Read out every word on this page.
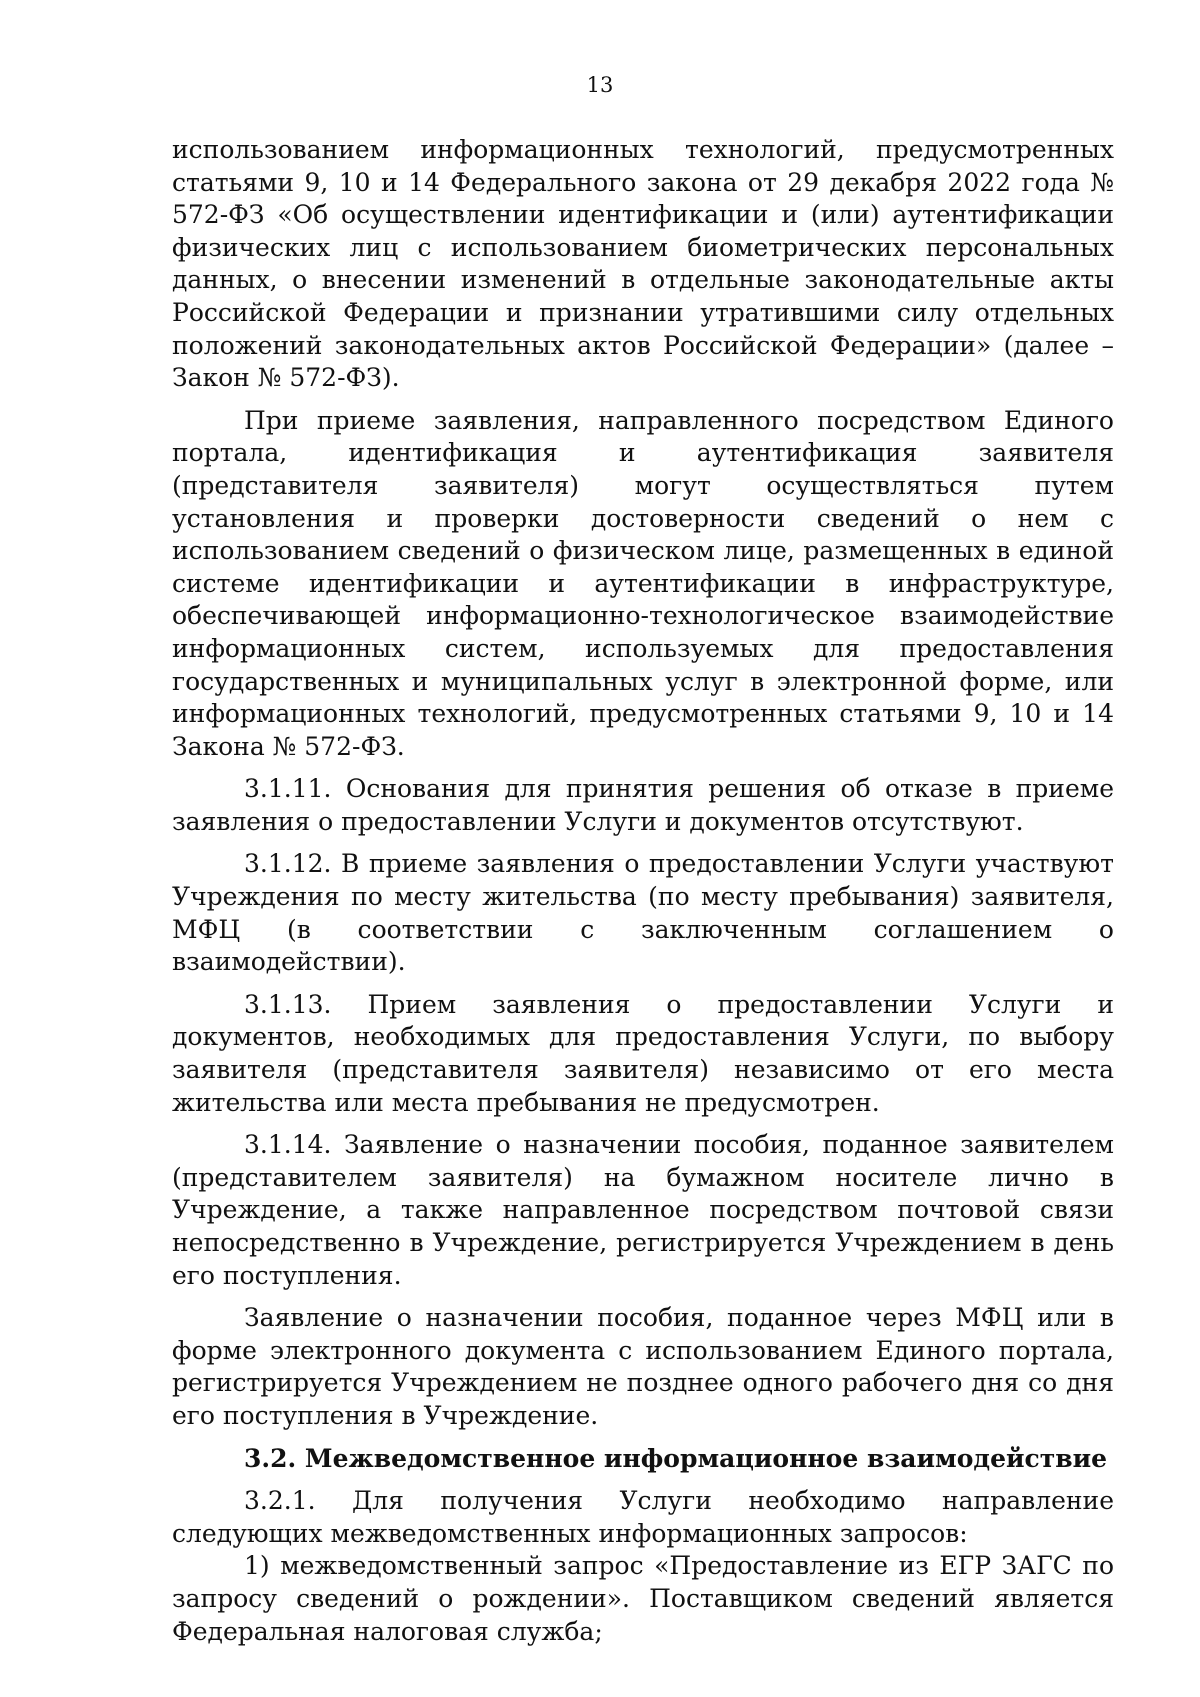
13

использованием информационных технологий, предусмотренных статьями 9, 10 и 14 Федерального закона от 29 декабря 2022 года № 572-ФЗ «Об осуществлении идентификации и (или) аутентификации физических лиц с использованием биометрических персональных данных, о внесении изменений в отдельные законодательные акты Российской Федерации и признании утратившими силу отдельных положений законодательных актов Российской Федерации» (далее – Закон № 572-ФЗ).

При приеме заявления, направленного посредством Единого портала, идентификация и аутентификация заявителя (представителя заявителя) могут осуществляться путем установления и проверки достоверности сведений о нем с использованием сведений о физическом лице, размещенных в единой системе идентификации и аутентификации в инфраструктуре, обеспечивающей информационно-технологическое взаимодействие информационных систем, используемых для предоставления государственных и муниципальных услуг в электронной форме, или информационных технологий, предусмотренных статьями 9, 10 и 14 Закона № 572-ФЗ.

3.1.11. Основания для принятия решения об отказе в приеме заявления о предоставлении Услуги и документов отсутствуют.

3.1.12. В приеме заявления о предоставлении Услуги участвуют Учреждения по месту жительства (по месту пребывания) заявителя, МФЦ (в соответствии с заключенным соглашением о взаимодействии).

3.1.13. Прием заявления о предоставлении Услуги и документов, необходимых для предоставления Услуги, по выбору заявителя (представителя заявителя) независимо от его места жительства или места пребывания не предусмотрен.

3.1.14. Заявление о назначении пособия, поданное заявителем (представителем заявителя) на бумажном носителе лично в Учреждение, а также направленное посредством почтовой связи непосредственно в Учреждение, регистрируется Учреждением в день его поступления.

Заявление о назначении пособия, поданное через МФЦ или в форме электронного документа с использованием Единого портала, регистрируется Учреждением не позднее одного рабочего дня со дня его поступления в Учреждение.

3.2. Межведомственное информационное взаимодействие

3.2.1. Для получения Услуги необходимо направление следующих межведомственных информационных запросов:

1) межведомственный запрос «Предоставление из ЕГР ЗАГС по запросу сведений о рождении». Поставщиком сведений является Федеральная налоговая служба;
